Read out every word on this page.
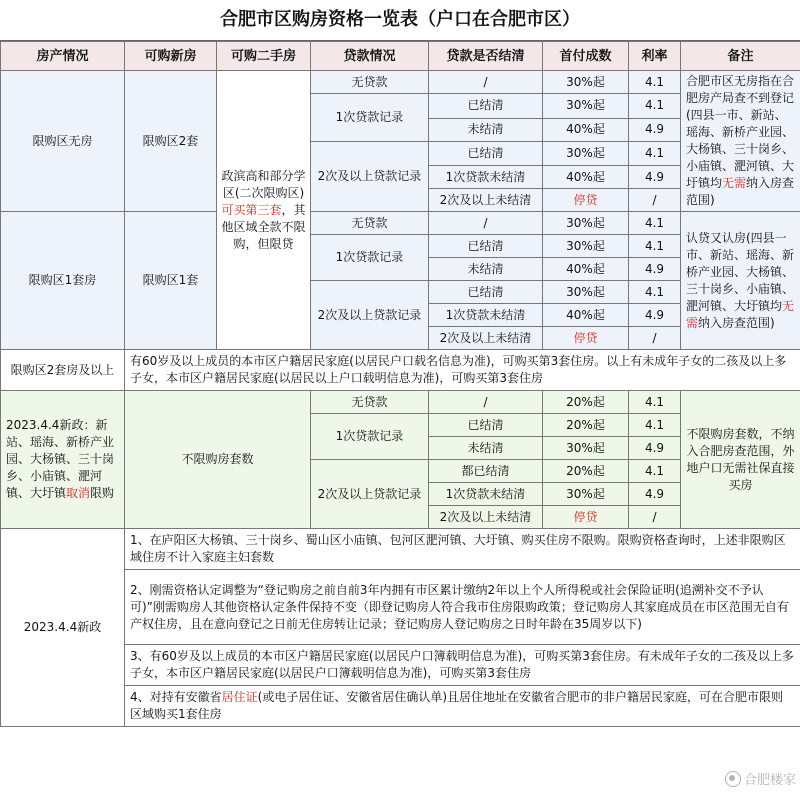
合肥市区购房资格一览表（户口在合肥市区）
房产情况	可购新房	可购二手房	贷款情况	贷款是否结清	首付成数	利率	备注
限购区无房	限购区2套	政滨高和部分学区(二次限购区)可买第三套，其他区域全款不限购，但限贷	无贷款	/	30%起	4.1	合肥市区无房指在合肥房产局查不到登记(四县一市、新站、瑶海、新桥产业园、大杨镇、三十岗乡、小庙镇、淝河镇、大圩镇均无需纳入房查范围)
			1次贷款记录	已结清	30%起	4.1	
				未结清	40%起	4.9	
			2次及以上贷款记录	已结清	30%起	4.1	
				1次贷款未结清	40%起	4.9	
				2次及以上未结清	停贷	/	
限购区1套房	限购区1套		无贷款	/	30%起	4.1	认贷又认房(四县一市、新站、瑶海、新桥产业园、大杨镇、三十岗乡、小庙镇、淝河镇、大圩镇均无需纳入房查范围)
			1次贷款记录	已结清	30%起	4.1	
				未结清	40%起	4.9	
			2次及以上贷款记录	已结清	30%起	4.1	
				1次贷款未结清	40%起	4.9	
				2次及以上未结清	停贷	/	
限购区2套房及以上	有60岁及以上成员的本市区户籍居民家庭(以居民户口载名信息为准)，可购买第3套住房。以上有未成年子女的二孩及以上多子女，本市区户籍居民家庭(以居民以上户口载明信息为准)，可购买第3套住房						
2023.4.4新政：新站、瑶海、新桥产业园、大杨镇、三十岗乡、小庙镇、淝河镇、大圩镇取消限购	不限购房套数		无贷款	/	20%起	4.1	不限购房套数，不纳入合肥房查范围，外地户口无需社保直接买房
			1次贷款记录	已结清	20%起	4.1	
				未结清	30%起	4.9	
			2次及以上贷款记录	都已结清	20%起	4.1	
				1次贷款未结清	30%起	4.9	
				2次及以上未结清	停贷	/	
2023.4.4新政	1、在庐阳区大杨镇、三十岗乡、蜀山区小庙镇、包河区淝河镇、大圩镇、购买住房不限购。限购资格查询时，上述非限购区域住房不计入家庭主妇套数						
	2、刚需资格认定调整为“登记购房之前自前3年内拥有市区累计缴纳2年以上个人所得税或社会保险证明(追溯补交不予认可)”刚需购房人其他资格认定条件保持不变（即登记购房人符合我市住房限购政策；登记购房人其家庭成员在市区范围无自有产权住房，且在意向登记之日前无住房转让记录；登记购房人登记购房之日时年龄在35周岁以下)						
	3、有60岁及以上成员的本市区户籍居民家庭(以居民户口簿载明信息为准)，可购买第3套住房。有未成年子女的二孩及以上多子女，本市区户籍居民家庭(以居民户口簿载明信息为准)，可购买第3套住房						
	4、对持有安徽省居住证(或电子居住证、安徽省居住确认单)且居住地址在安徽省合肥市的非户籍居民家庭，可在合肥市限则区域购买1套住房						
合肥楼家
